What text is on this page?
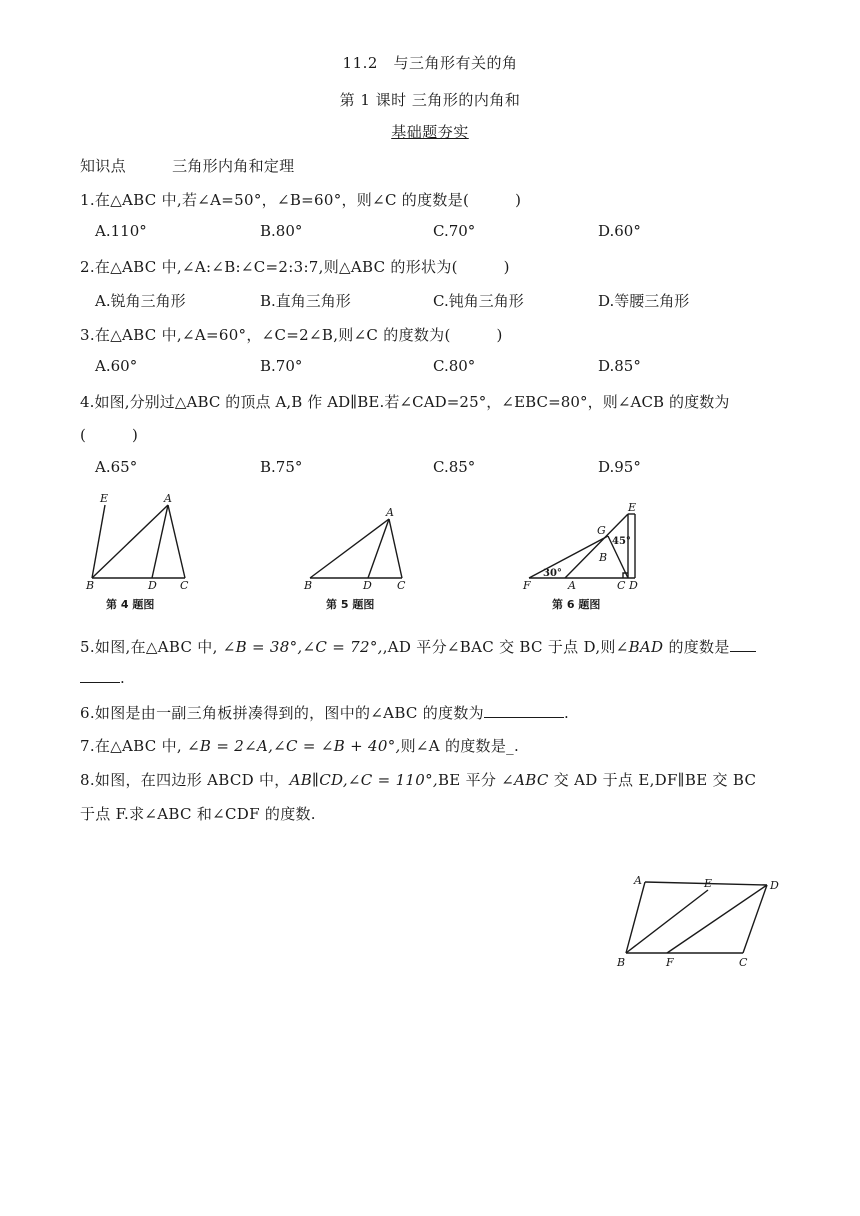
11.2　与三角形有关的角
第 1 课时 三角形的内角和
基础题夯实
知识点	三角形内角和定理
1.在△ABC 中,若∠A=50°，∠B=60°，则∠C 的度数是(　　　)
A.110°	B.80°	C.70°	D.60°
2.在△ABC 中,∠A:∠B:∠C=2:3:7,则△ABC 的形状为(　　　)
A.锐角三角形	B.直角三角形	C.钝角三角形	D.等腰三角形
3.在△ABC 中,∠A=60°，∠C=2∠B,则∠C 的度数为(　　　)
A.60°	B.70°	C.80°	D.85°
4.如图,分别过△ABC 的顶点 A,B 作 AD∥BE.若∠CAD=25°，∠EBC=80°，则∠ACB 的度数为
(　　　)
A.65°	B.75°	C.85°	D.95°
E	A
B	D C
第 4 题图
A
B	D C
第 5 题图
E
G
B
F	A	C D
45°
30°
第 6 题图
5.如图,在△ABC 中, ∠B = 38°,∠C = 72°,,AD 平分∠BAC 交 BC 于点 D,则∠BAD 的度数是
.
6.如图是由一副三角板拼凑得到的，图中的∠ABC 的度数为	.
7.在△ABC 中, ∠B = 2∠A,∠C = ∠B + 40°,则∠A 的度数是_.
8.如图，在四边形 ABCD 中，AB∥CD,∠C = 110°,BE 平分 ∠ABC 交 AD 于点 E,DF∥BE 交 BC
于点 F.求∠ABC 和∠CDF 的度数.
A	E	D
B	F	C
